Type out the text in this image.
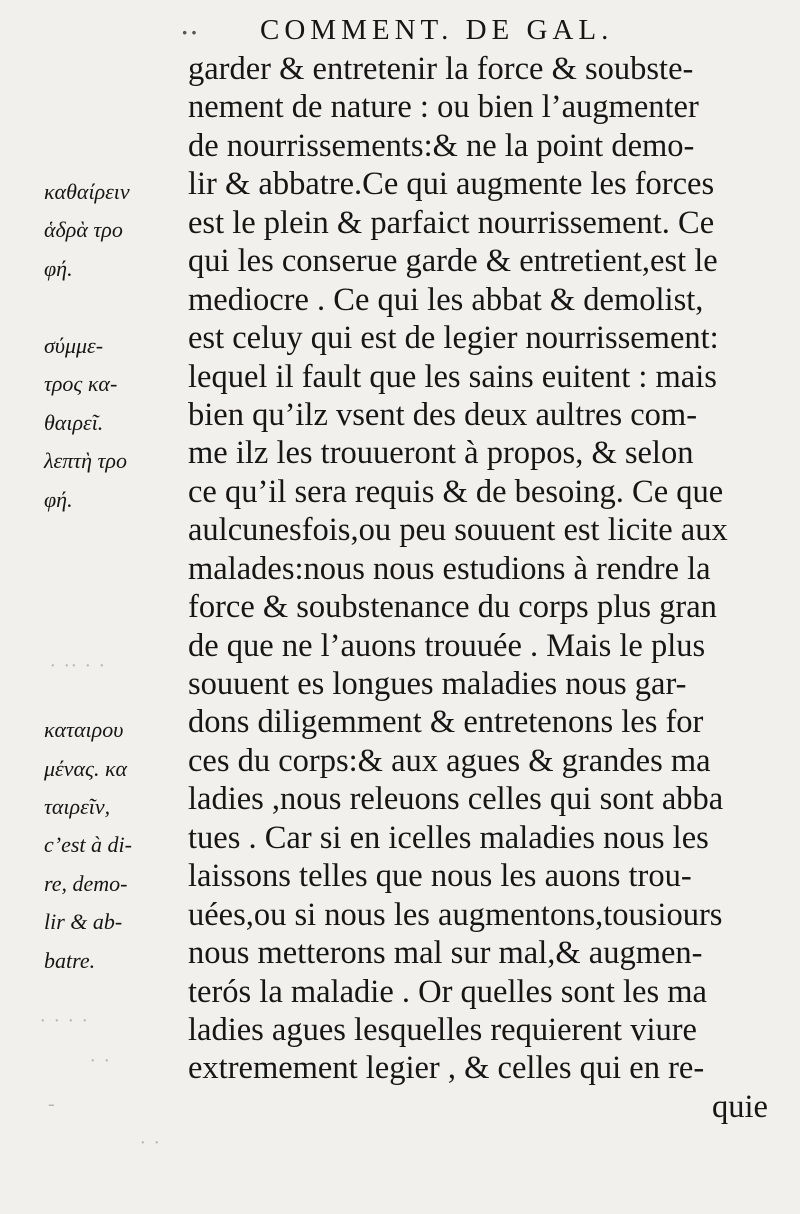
‥ COMMENT. DE GAL.
καθαίρειν
ἁδρὰ τρο
φή.
σύμμε-
τρος κα-
θαιρεῖ.
λεπτὴ τρο
φή.
καταιρου
μένας. κα
ταιρεῖν,
c’est à di-
re, demo-
lir & ab-
batre.
· ·· · ·
· · · ·
· ·
-
· ·
garder & entretenir la force & soubste-
nement de nature : ou bien l’augmenter
de nourrissements:& ne la point demo-
lir & abbatre.Ce qui augmente les forces
est le plein & parfaict nourrissement. Ce
qui les conserue garde & entretient,est le
mediocre . Ce qui les abbat & demolist,
est celuy qui est de legier nourrissement:
lequel il fault que les sains euitent : mais
bien qu’ilz vsent des deux aultres com-
me ilz les trouueront à propos, & selon
ce qu’il sera requis & de besoing. Ce que
aulcunesfois,ou peu souuent est licite aux
malades:nous nous estudions à rendre la
force & soubstenance du corps plus gran
de que ne l’auons trouuée . Mais le plus
souuent es longues maladies nous gar-
dons diligemment & entretenons les for
ces du corps:& aux agues & grandes ma
ladies ,nous releuons celles qui sont abba
tues . Car si en icelles maladies nous les
laissons telles que nous les auons trou-
uées,ou si nous les augmentons,tousiours
nous metterons mal sur mal,& augmen-
terós la maladie . Or quelles sont les ma
ladies agues lesquelles requierent viure
extremement legier , & celles qui en re-
quie
